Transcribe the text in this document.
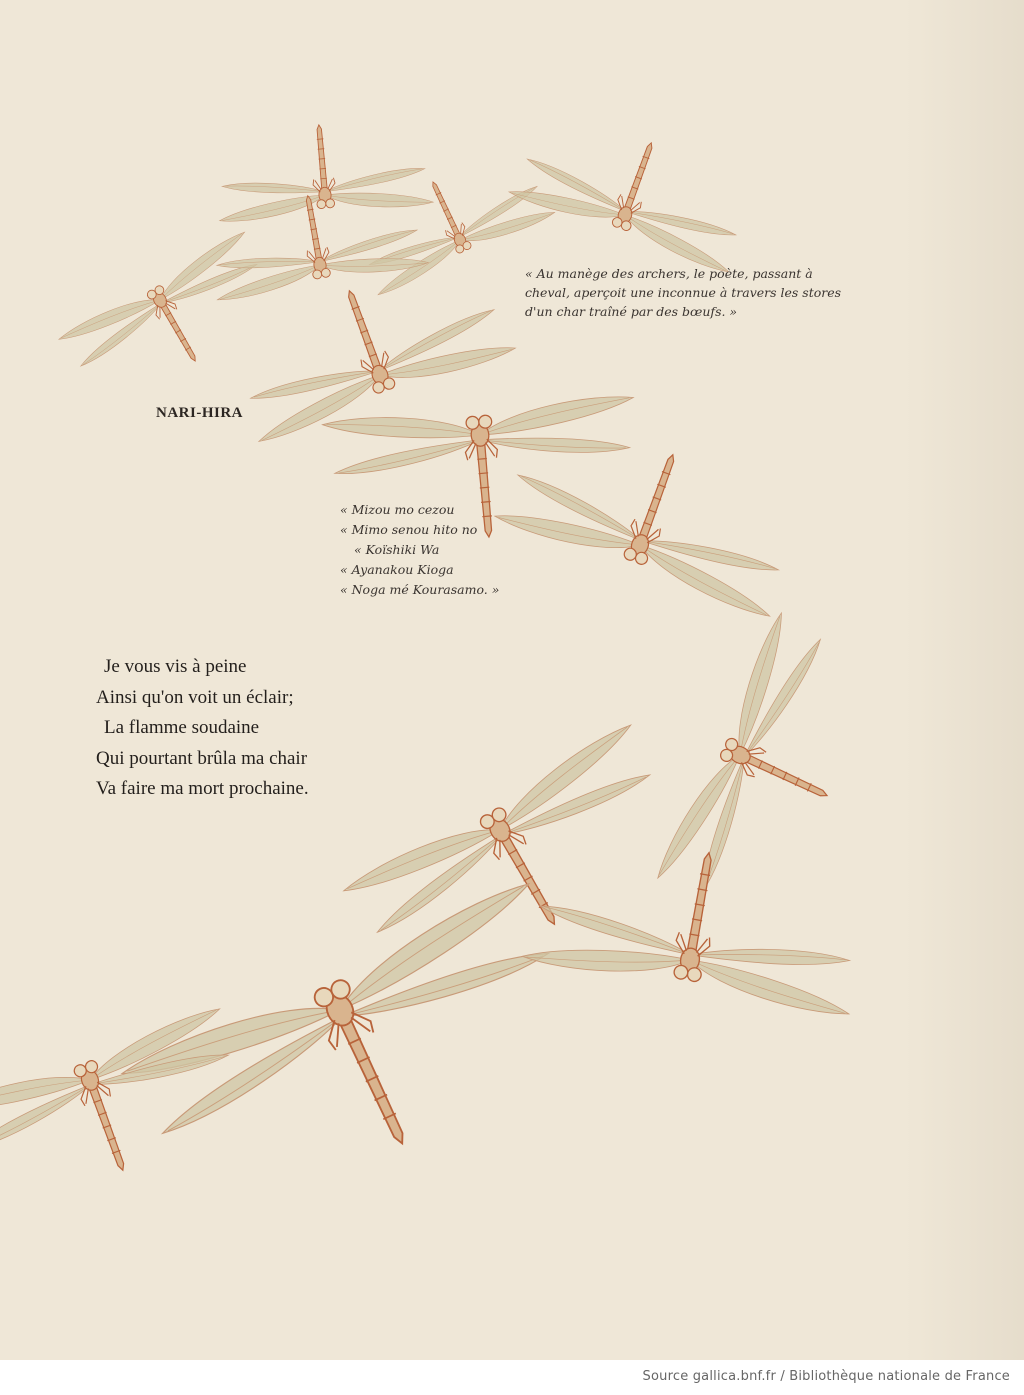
« Au manège des archers, le poète, passant à
cheval, aperçoit une inconnue à travers les stores
d'un char traîné par des bœufs. »
NARI-HIRA
« Mizou mo cezou
« Mimo senou hito no
« Koïshiki Wa
« Ayanakou Kioga
« Noga mé Kourasamo. »
Je vous vis à peine
Ainsi qu'on voit un éclair;
La flamme soudaine
Qui pourtant brûla ma chair
Va faire ma mort prochaine.
Source gallica.bnf.fr / Bibliothèque nationale de France
